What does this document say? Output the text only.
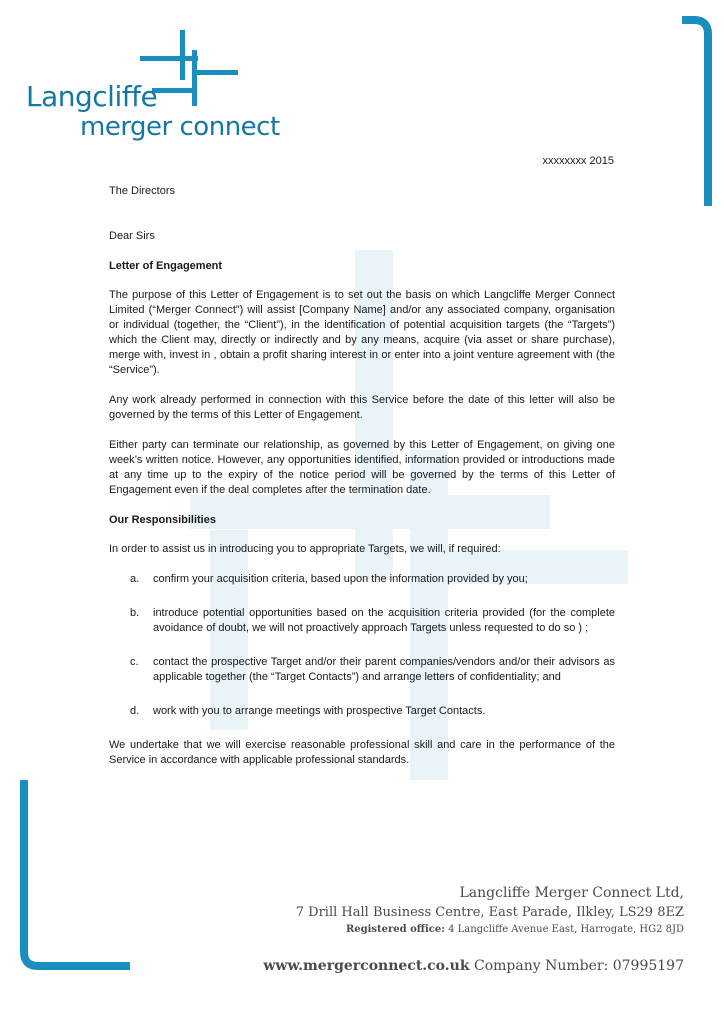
Langcliffe
merger connect
xxxxxxxx 2015
The Directors
Dear Sirs
Letter of Engagement

The purpose of this Letter of Engagement is to set out the basis on which Langcliffe Merger Connect Limited (“Merger Connect”) will assist [Company Name] and/or any associated company, organisation or individual (together, the “Client”), in the identification of potential acquisition targets (the “Targets”) which the Client may, directly or indirectly and by any means, acquire (via asset or share purchase), merge with, invest in , obtain a profit sharing interest in or enter into a joint venture agreement with (the “Service”).

Any work already performed in connection with this Service before the date of this letter will also be governed by the terms of this Letter of Engagement.

Either party can terminate our relationship, as governed by this Letter of Engagement, on giving one week’s written notice. However, any opportunities identified, information provided or introductions made at any time up to the expiry of the notice period will be governed by the terms of this Letter of Engagement even if the deal completes after the termination date.

Our Responsibilities

In order to assist us in introducing you to appropriate Targets, we will, if required:

a. confirm your acquisition criteria, based upon the information provided by you;
b. introduce potential opportunities based on the acquisition criteria provided (for the complete avoidance of doubt, we will not proactively approach Targets unless requested to do so ) ;
c. contact the prospective Target and/or their parent companies/vendors and/or their advisors as applicable together (the “Target Contacts”) and arrange letters of confidentiality; and
d. work with you to arrange meetings with prospective Target Contacts.

We undertake that we will exercise reasonable professional skill and care in the performance of the Service in accordance with applicable professional standards.

Langcliffe Merger Connect Ltd,
7 Drill Hall Business Centre, East Parade, Ilkley, LS29 8EZ
Registered office: 4 Langcliffe Avenue East, Harrogate, HG2 8JD
www.mergerconnect.co.uk Company Number: 07995197
